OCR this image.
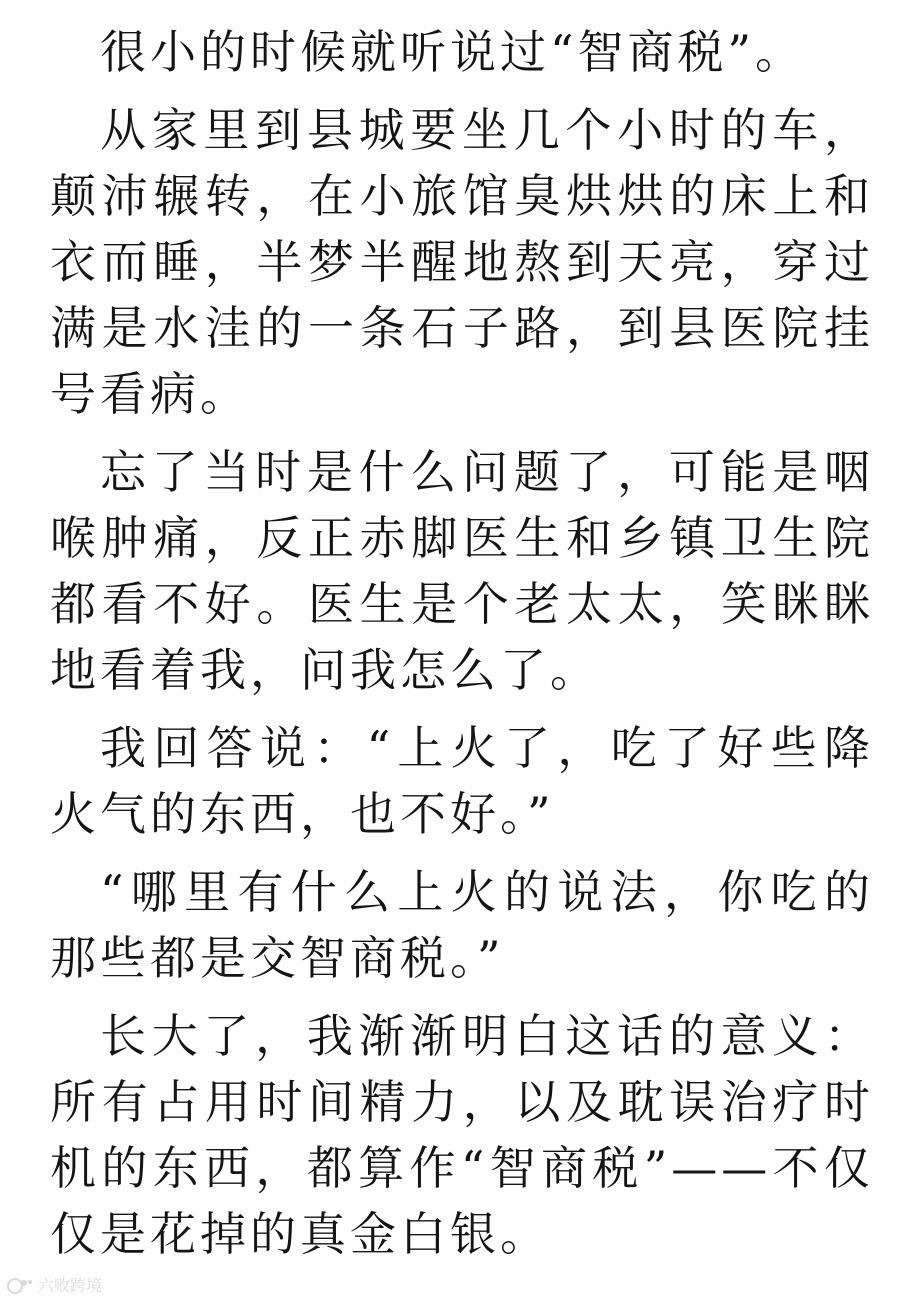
很小的时候就听说过“智商税”。

从家里到县城要坐几个小时的车，颠沛辗转，在小旅馆臭烘烘的床上和衣而睡，半梦半醒地熬到天亮，穿过满是水洼的一条石子路，到县医院挂号看病。

忘了当时是什么问题了，可能是咽喉肿痛，反正赤脚医生和乡镇卫生院都看不好。医生是个老太太，笑眯眯地看着我，问我怎么了。

我回答说：“上火了，吃了好些降火气的东西，也不好。”

“哪里有什么上火的说法，你吃的那些都是交智商税。”

长大了，我渐渐明白这话的意义：所有占用时间精力，以及耽误治疗时机的东西，都算作“智商税”——不仅仅是花掉的真金白银。

六败跨境
